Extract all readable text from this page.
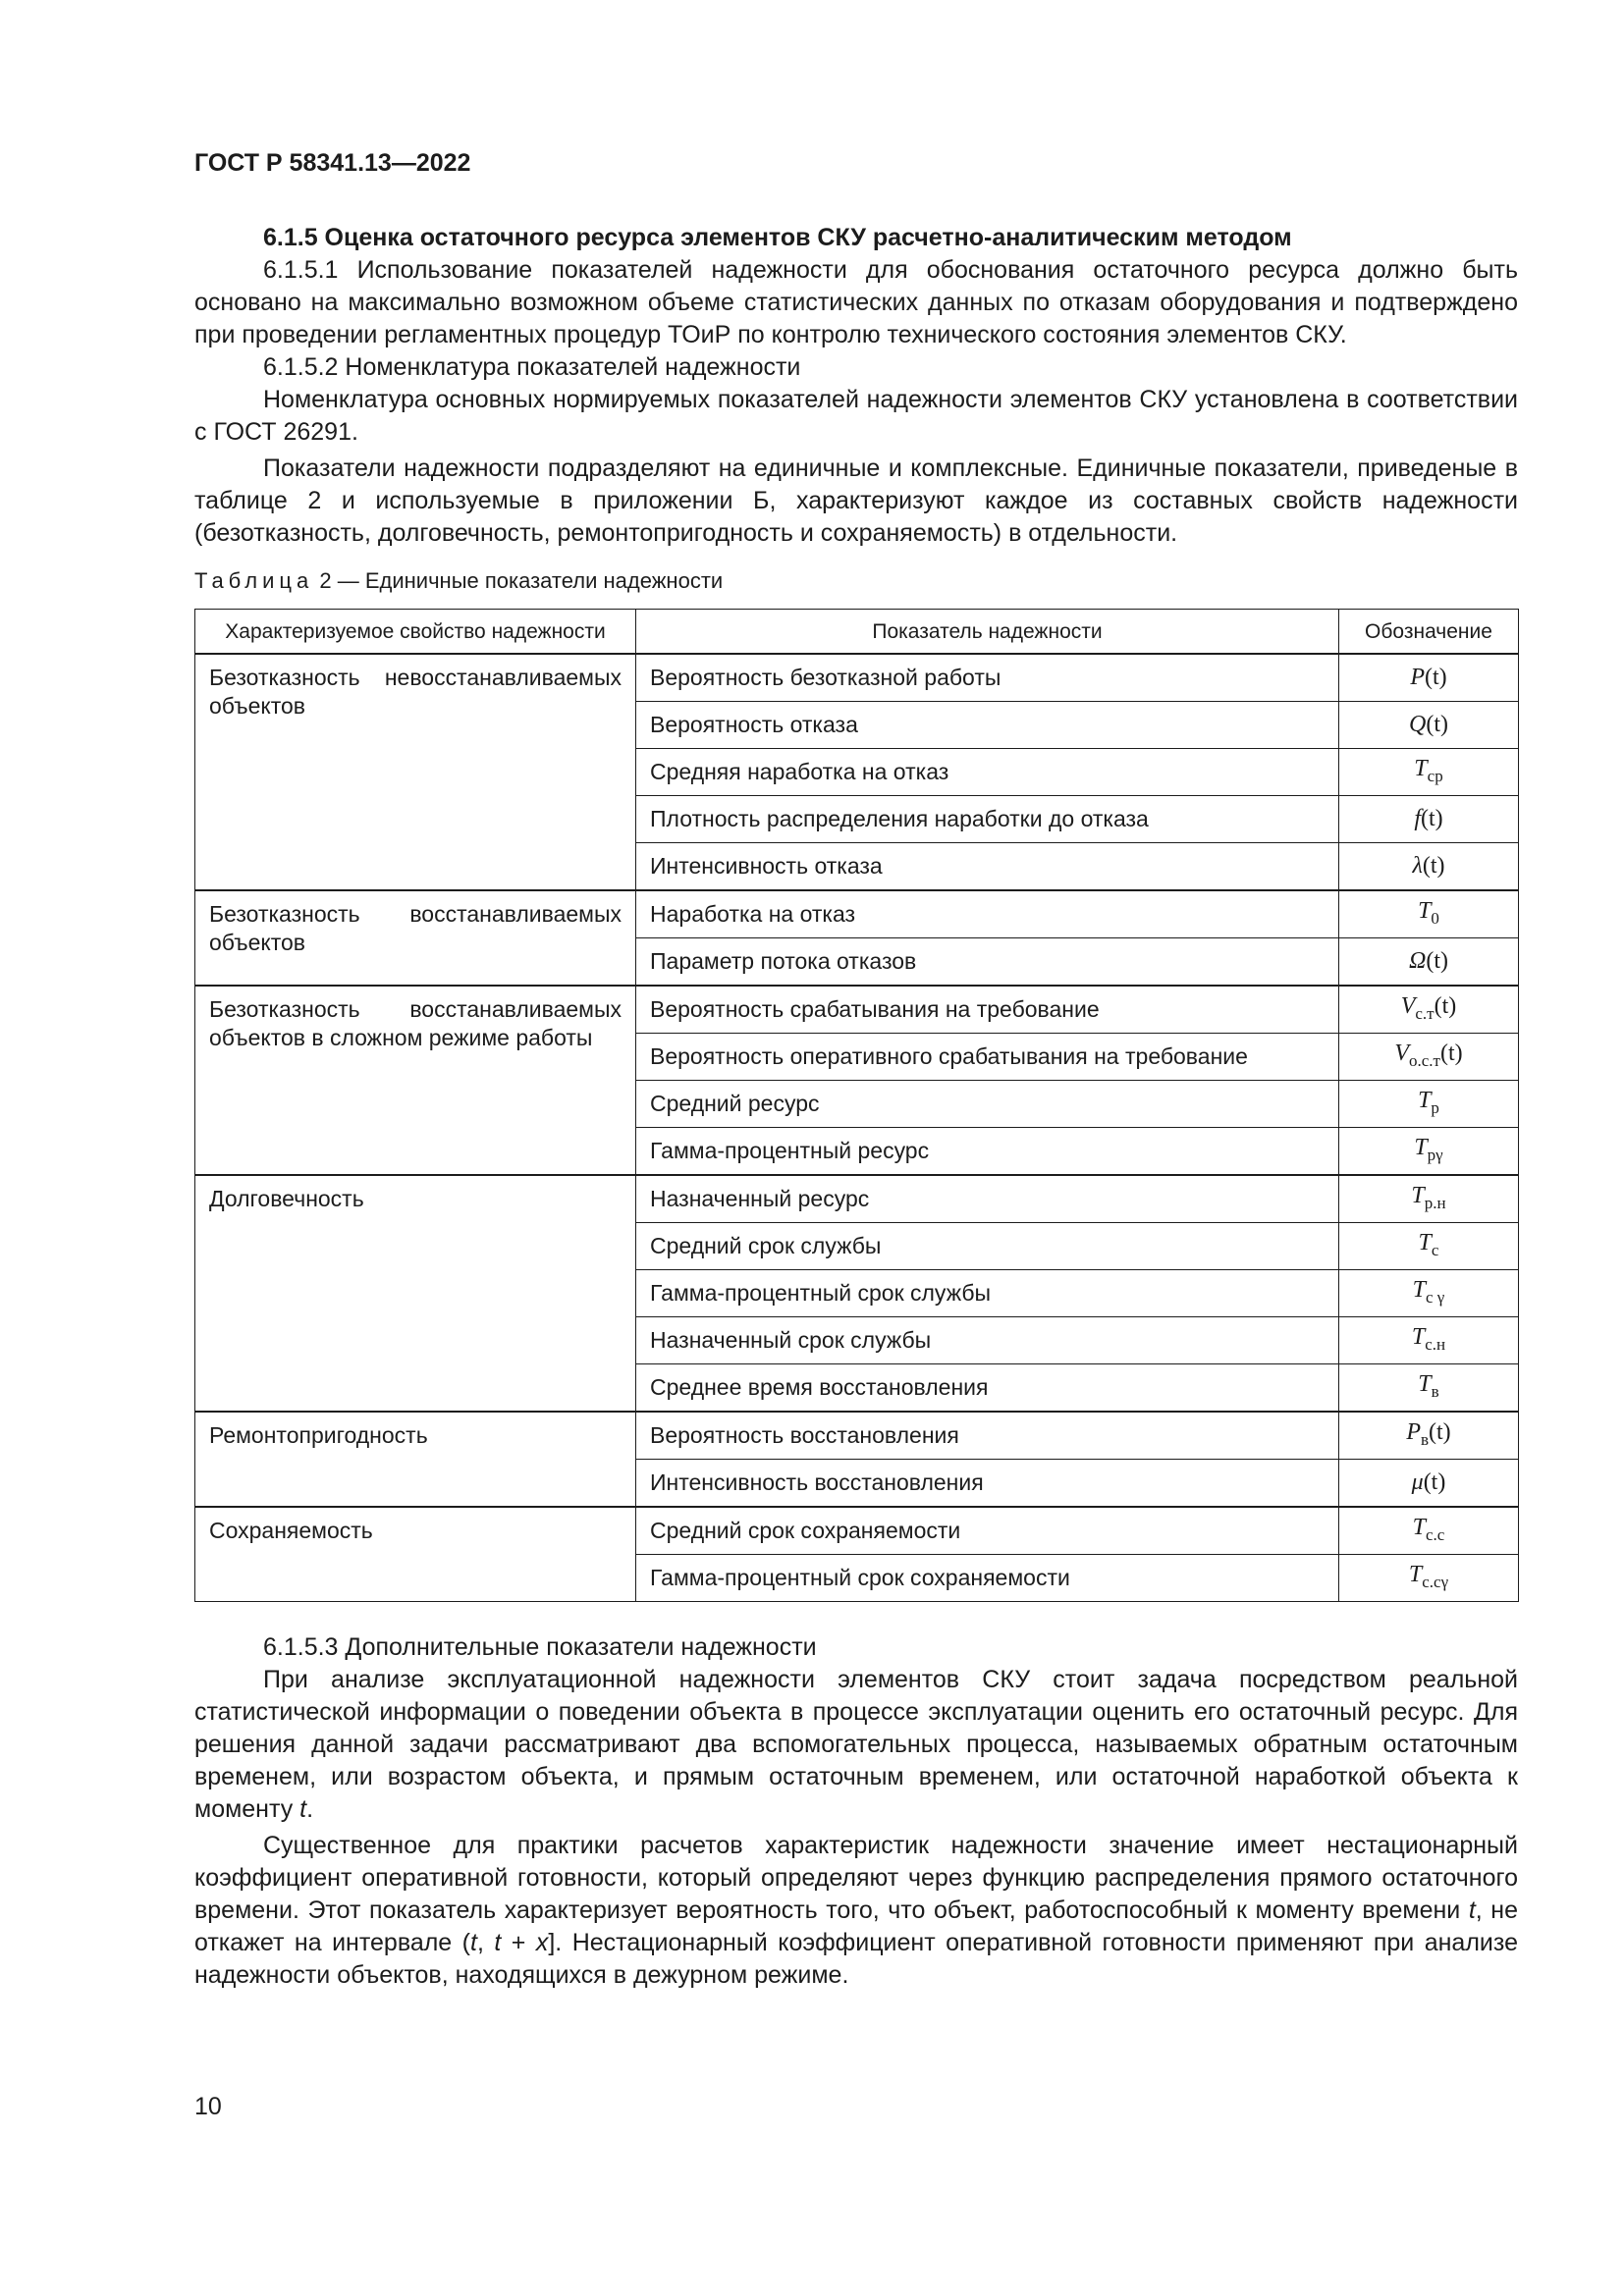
ГОСТ Р 58341.13—2022

6.1.5 Оценка остаточного ресурса элементов СКУ расчетно-аналитическим методом

6.1.5.1 Использование показателей надежности для обоснования остаточного ресурса должно быть основано на максимально возможном объеме статистических данных по отказам оборудования и подтверждено при проведении регламентных процедур ТОиР по контролю технического состояния элементов СКУ.

6.1.5.2 Номенклатура показателей надежности

Номенклатура основных нормируемых показателей надежности элементов СКУ установлена в соответствии с ГОСТ 26291.

Показатели надежности подразделяют на единичные и комплексные. Единичные показатели, приведеные в таблице 2 и используемые в приложении Б, характеризуют каждое из составных свойств надежности (безотказность, долговечность, ремонтопригодность и сохраняемость) в отдельности.

Таблица 2 — Единичные показатели надежности
Характеризуемое свойство надежности	Показатель надежности	Обозначение
Безотказность невосстанавливаемых объектов	Вероятность безотказной работы	P(t)
	Вероятность отказа	Q(t)
	Средняя наработка на отказ	$T_{ср}$
	Плотность распределения наработки до отказа	f(t)
	Интенсивность отказа	λ(t)
Безотказность восстанавливаемых объектов	Наработка на отказ	$T_0$
	Параметр потока отказов	Ω(t)
Безотказность восстанавливаемых объектов в сложном режиме работы	Вероятность срабатывания на требование	$V_{с.т}(t)$
	Вероятность оперативного срабатывания на требование	$V_{о.с.т}(t)$
	Средний ресурс	$T_р$
	Гамма-процентный ресурс	$T_{р\gamma}$
Долговечность	Назначенный ресурс	$T_{р.н}$
	Средний срок службы	$T_с$
	Гамма-процентный срок службы	$T_{с \gamma}$
	Назначенный срок службы	$T_{с.н}$
	Среднее время восстановления	$T_в$
Ремонтопригодность	Вероятность восстановления	$P_в(t)$
	Интенсивность восстановления	μ(t)
Сохраняемость	Средний срок сохраняемости	$T_{с.с}$
	Гамма-процентный срок сохраняемости	$T_{с.с\gamma}$

6.1.5.3 Дополнительные показатели надежности

При анализе эксплуатационной надежности элементов СКУ стоит задача посредством реальной статистической информации о поведении объекта в процессе эксплуатации оценить его остаточный ресурс. Для решения данной задачи рассматривают два вспомогательных процесса, называемых обратным остаточным временем, или возрастом объекта, и прямым остаточным временем, или остаточной наработкой объекта к моменту t.

Существенное для практики расчетов характеристик надежности значение имеет нестационарный коэффициент оперативной готовности, который определяют через функцию распределения прямого остаточного времени. Этот показатель характеризует вероятность того, что объект, работоспособный к моменту времени t, не откажет на интервале (t, t + x]. Нестационарный коэффициент оперативной готовности применяют при анализе надежности объектов, находящихся в дежурном режиме.

10
